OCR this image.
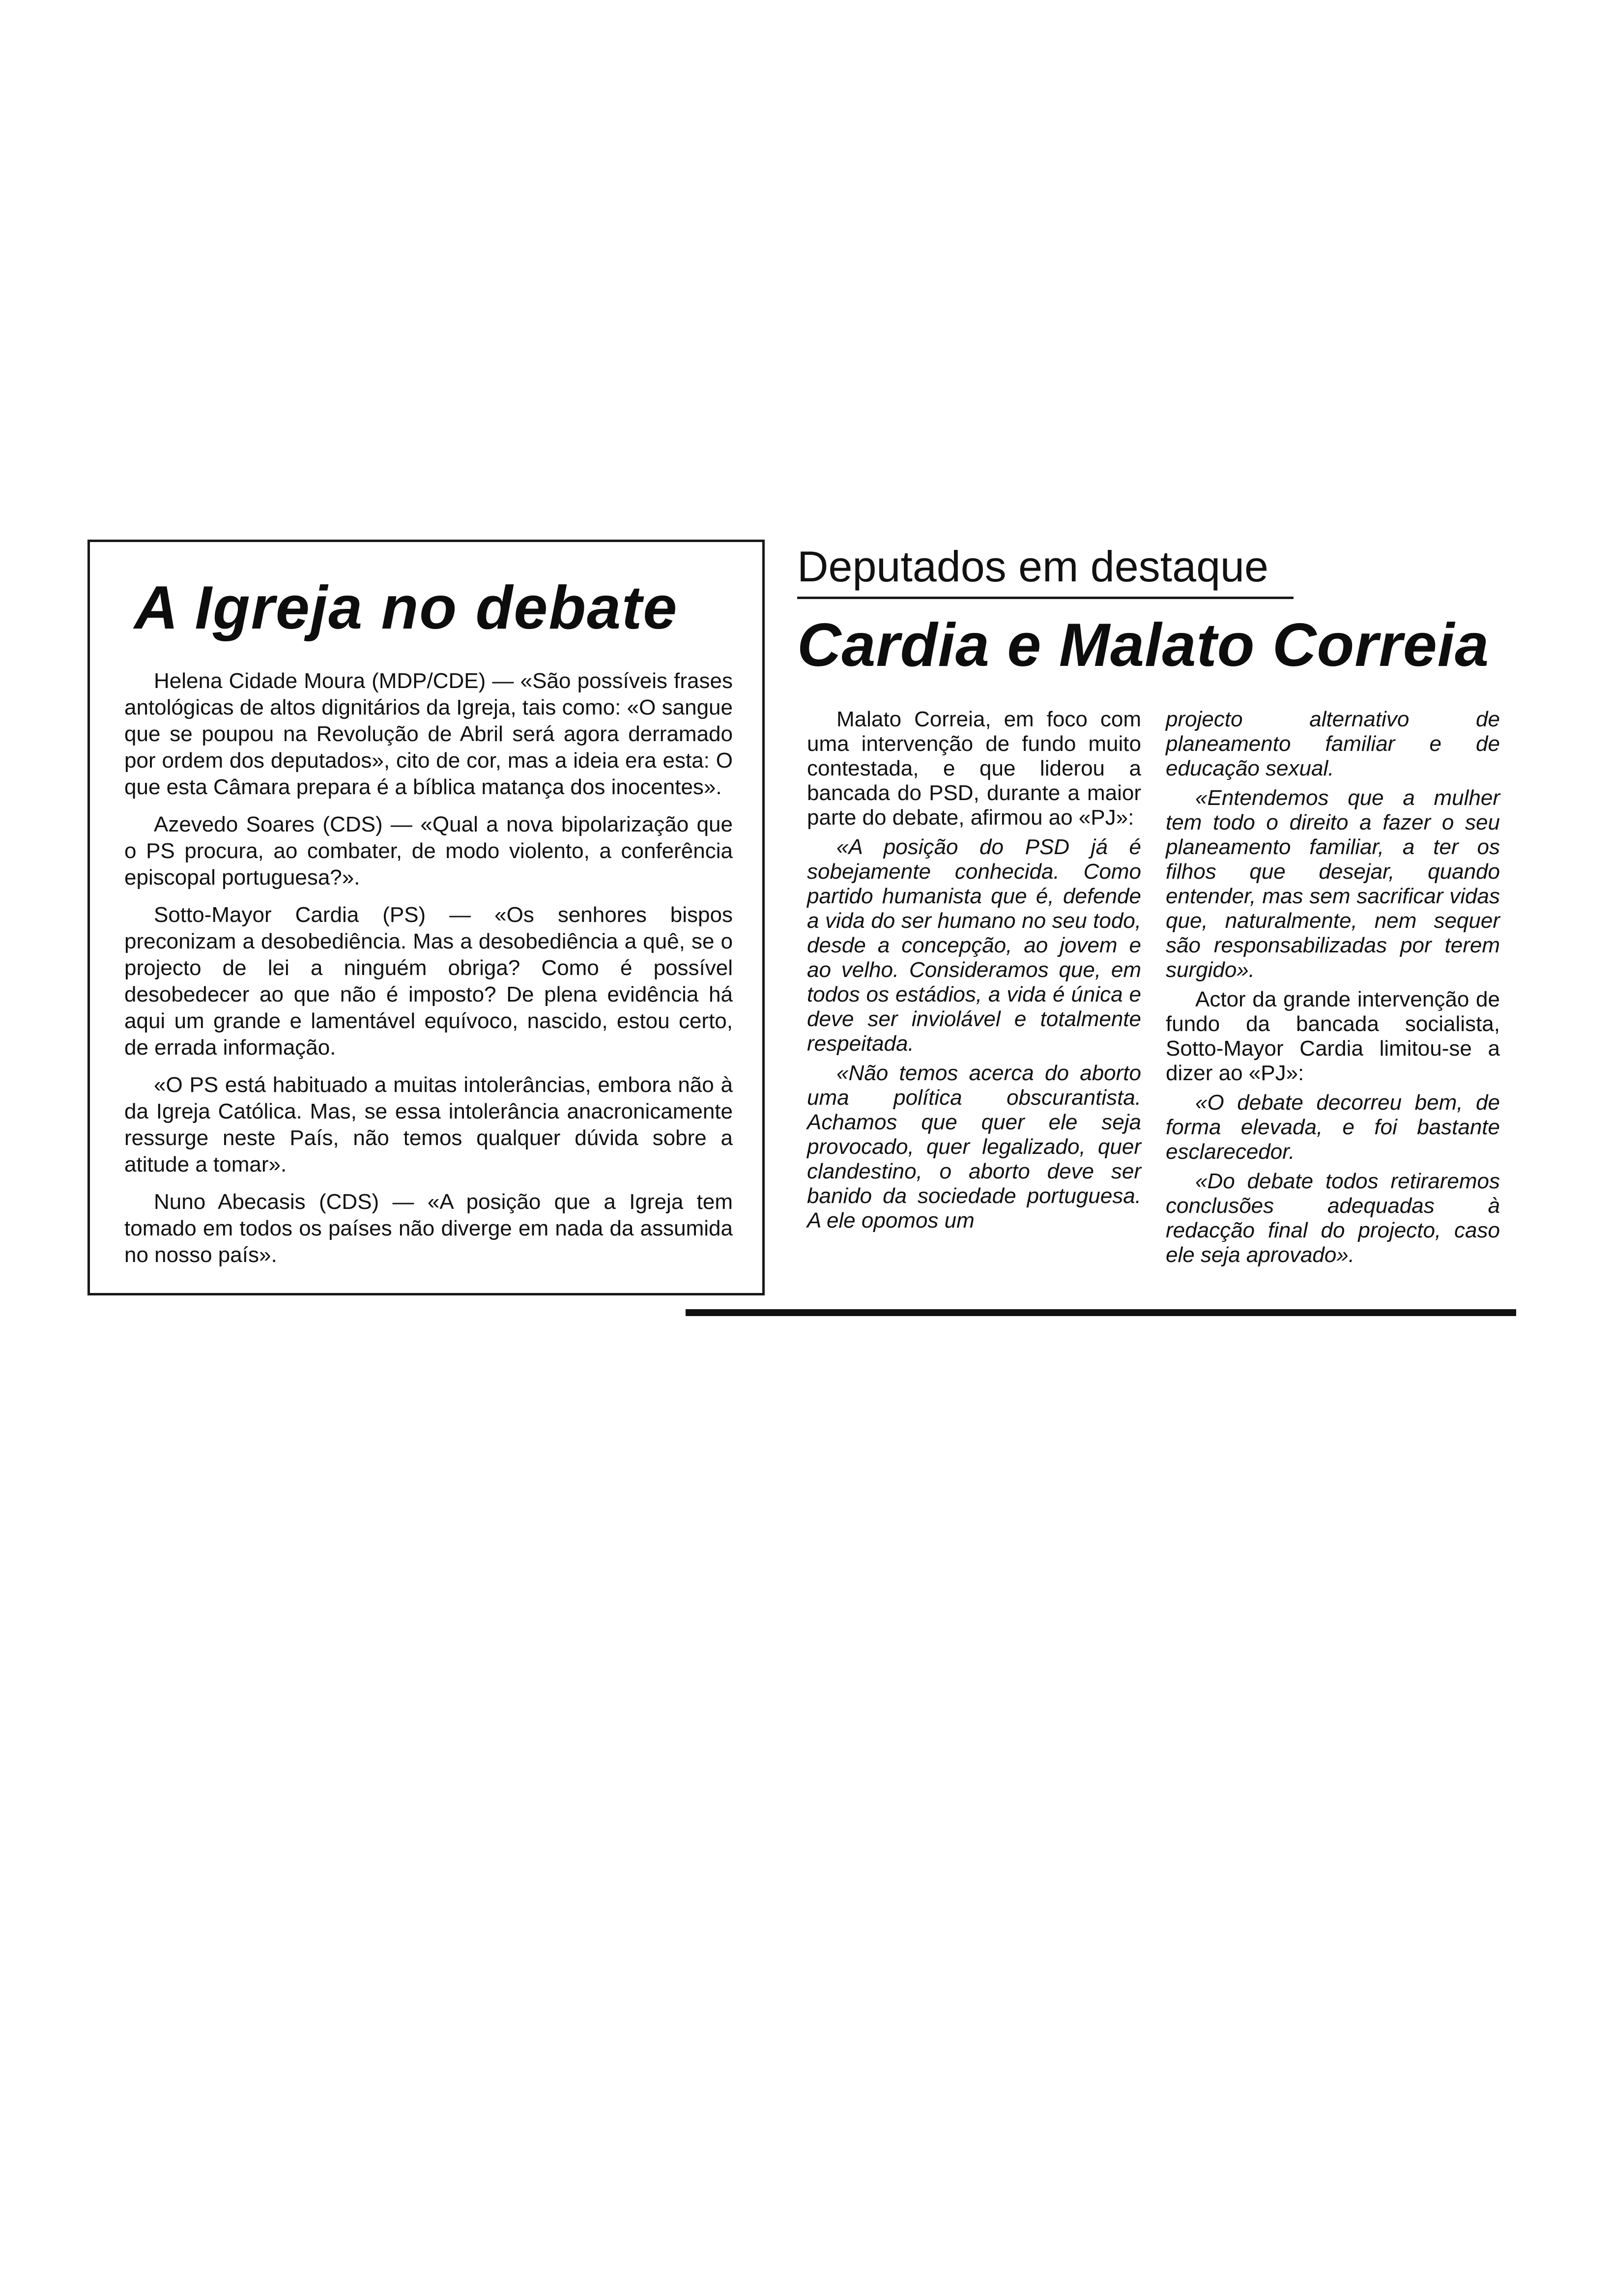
A Igreja no debate

Helena Cidade Moura (MDP/CDE) — «São possíveis frases antológicas de altos dignitários da Igreja, tais como: «O sangue que se poupou na Revolução de Abril será agora derramado por ordem dos deputados», cito de cor, mas a ideia era esta: O que esta Câmara prepara é a bíblica matança dos inocentes».

Azevedo Soares (CDS) — «Qual a nova bipolarização que o PS procura, ao combater, de modo violento, a conferência episcopal portuguesa?».

Sotto-Mayor Cardia (PS) — «Os senhores bispos preconizam a desobediência. Mas a desobediência a quê, se o projecto de lei a ninguém obriga? Como é possível desobedecer ao que não é imposto? De plena evidência há aqui um grande e lamentável equívoco, nascido, estou certo, de errada informação.

«O PS está habituado a muitas intolerâncias, embora não à da Igreja Católica. Mas, se essa intolerância anacronicamente ressurge neste País, não temos qualquer dúvida sobre a atitude a tomar».

Nuno Abecasis (CDS) — «A posição que a Igreja tem tomado em todos os países não diverge em nada da assumida no nosso país».

Deputados em destaque
Cardia e Malato Correia

Malato Correia, em foco com uma intervenção de fundo muito contestada, e que liderou a bancada do PSD, durante a maior parte do debate, afirmou ao «PJ»:

«A posição do PSD já é sobejamente conhecida. Como partido humanista que é, defende a vida do ser humano no seu todo, desde a concepção, ao jovem e ao velho. Consideramos que, em todos os estádios, a vida é única e deve ser inviolável e totalmente respeitada.

«Não temos acerca do aborto uma política obscurantista. Achamos que quer ele seja provocado, quer legalizado, quer clandestino, o aborto deve ser banido da sociedade portuguesa. A ele opomos um

projecto alternativo de planeamento familiar e de educação sexual.

«Entendemos que a mulher tem todo o direito a fazer o seu planeamento familiar, a ter os filhos que desejar, quando entender, mas sem sacrificar vidas que, naturalmente, nem sequer são responsabilizadas por terem surgido».

Actor da grande intervenção de fundo da bancada socialista, Sotto-Mayor Cardia limitou-se a dizer ao «PJ»:

«O debate decorreu bem, de forma elevada, e foi bastante esclarecedor.

«Do debate todos retiraremos conclusões adequadas à redacção final do projecto, caso ele seja aprovado».
